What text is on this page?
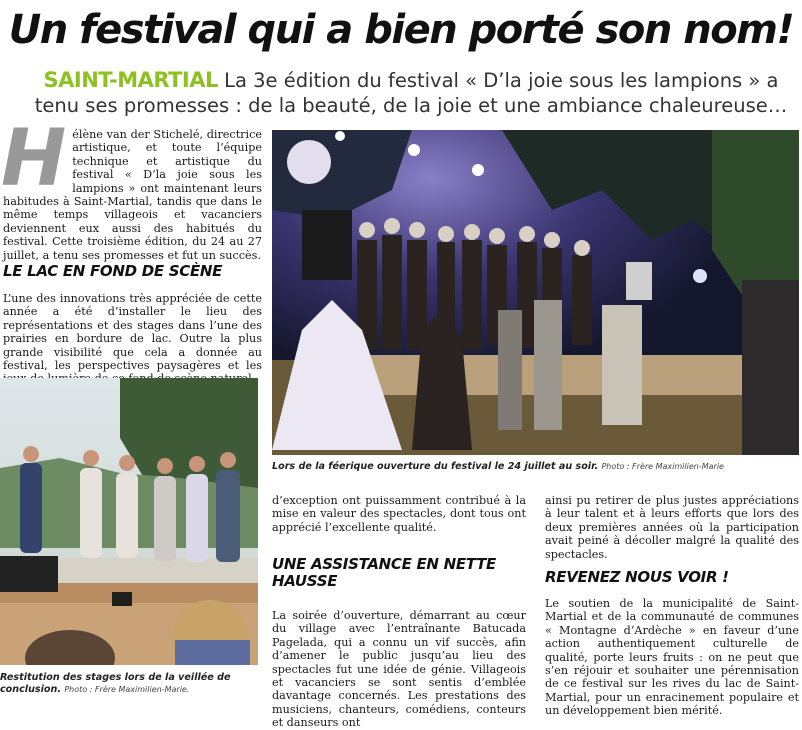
Un festival qui a bien porté son nom!
SAINT-MARTIAL La 3e édition du festival « D’la joie sous les lampions » a tenu ses promesses : de la beauté, de la joie et une ambiance chaleureuse…
H élène van der Stichelé, directrice artistique, et toute l’équipe technique et artistique du festival « D’la joie sous les lampions » ont maintenant leurs habitudes à Saint-Martial, tandis que dans le même temps villageois et vacanciers deviennent eux aussi des habitués du festival. Cette troisième édition, du 24 au 27 juillet, a tenu ses promesses et fut un succès.
LE LAC EN FOND DE SCÈNE
L’une des innovations très appréciée de cette année a été d’installer le lieu des représentations et des stages dans l’une des prairies en bordure de lac. Outre la plus grande visibilité que cela a donnée au festival, les perspectives paysagères et les
Restitution des stages lors de la veillée de conclusion. Photo : Frère Maximilien-Marie.
Lors de la féerique ouverture du festival le 24 juillet au soir. Photo : Frère Maximilien-Marie
d’exception ont puissamment contribué à la mise en valeur des spectacles, dont tous ont apprécié l’excellente qualité.
UNE ASSISTANCE EN NETTE HAUSSE
La soirée d’ouverture, démarrant au cœur du village avec l’entraînante Batucada Pagelada, qui a connu un vif succès, afin d’amener le public jusqu’au lieu des spectacles fut une idée de génie. Villageois et vacanciers se sont sentis d’emblée davantage concernés. Les prestations des musiciens, chanteurs, comédiens, conteurs et danseurs ont
ainsi pu retirer de plus justes appréciations à leur talent et à leurs efforts que lors des deux premières années où la participation avait peiné à décoller malgré la qualité des spectacles.
REVENEZ NOUS VOIR !
Le soutien de la municipalité de Saint-Martial et de la communauté de communes « Montagne d’Ardèche » en faveur d’une action authentiquement culturelle de qualité, porte leurs fruits : on ne peut que s’en réjouir et souhaiter une pérennisation de ce festival sur les rives du lac de Saint-Martial, pour un enracinement populaire et un développement bien mérité.
